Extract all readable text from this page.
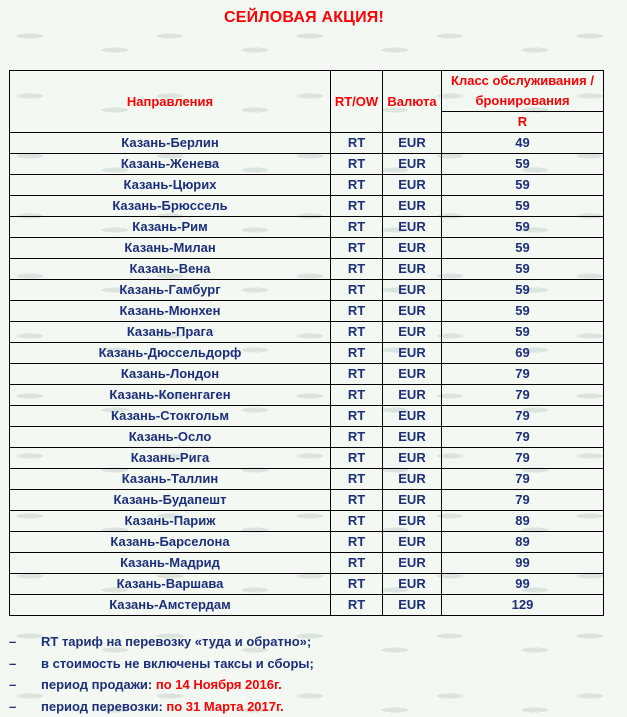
СЕЙЛОВАЯ АКЦИЯ!
Направления	RT/OW	Валюта	Класс обслуживания /
бронирования
			R
Казань-Берлин	RT	EUR	49
Казань-Женева	RT	EUR	59
Казань-Цюрих	RT	EUR	59
Казань-Брюссель	RT	EUR	59
Казань-Рим	RT	EUR	59
Казань-Милан	RT	EUR	59
Казань-Вена	RT	EUR	59
Казань-Гамбург	RT	EUR	59
Казань-Мюнхен	RT	EUR	59
Казань-Прага	RT	EUR	59
Казань-Дюссельдорф	RT	EUR	69
Казань-Лондон	RT	EUR	79
Казань-Копенгаген	RT	EUR	79
Казань-Стокгольм	RT	EUR	79
Казань-Осло	RT	EUR	79
Казань-Рига	RT	EUR	79
Казань-Таллин	RT	EUR	79
Казань-Будапешт	RT	EUR	79
Казань-Париж	RT	EUR	89
Казань-Барселона	RT	EUR	89
Казань-Мадрид	RT	EUR	99
Казань-Варшава	RT	EUR	99
Казань-Амстердам	RT	EUR	129
–	RT тариф на перевозку «туда и обратно»;
–	в стоимость не включены таксы и сборы;
–	период продажи: по 14 Ноября 2016г.
–	период перевозки: по 31 Марта 2017г.
